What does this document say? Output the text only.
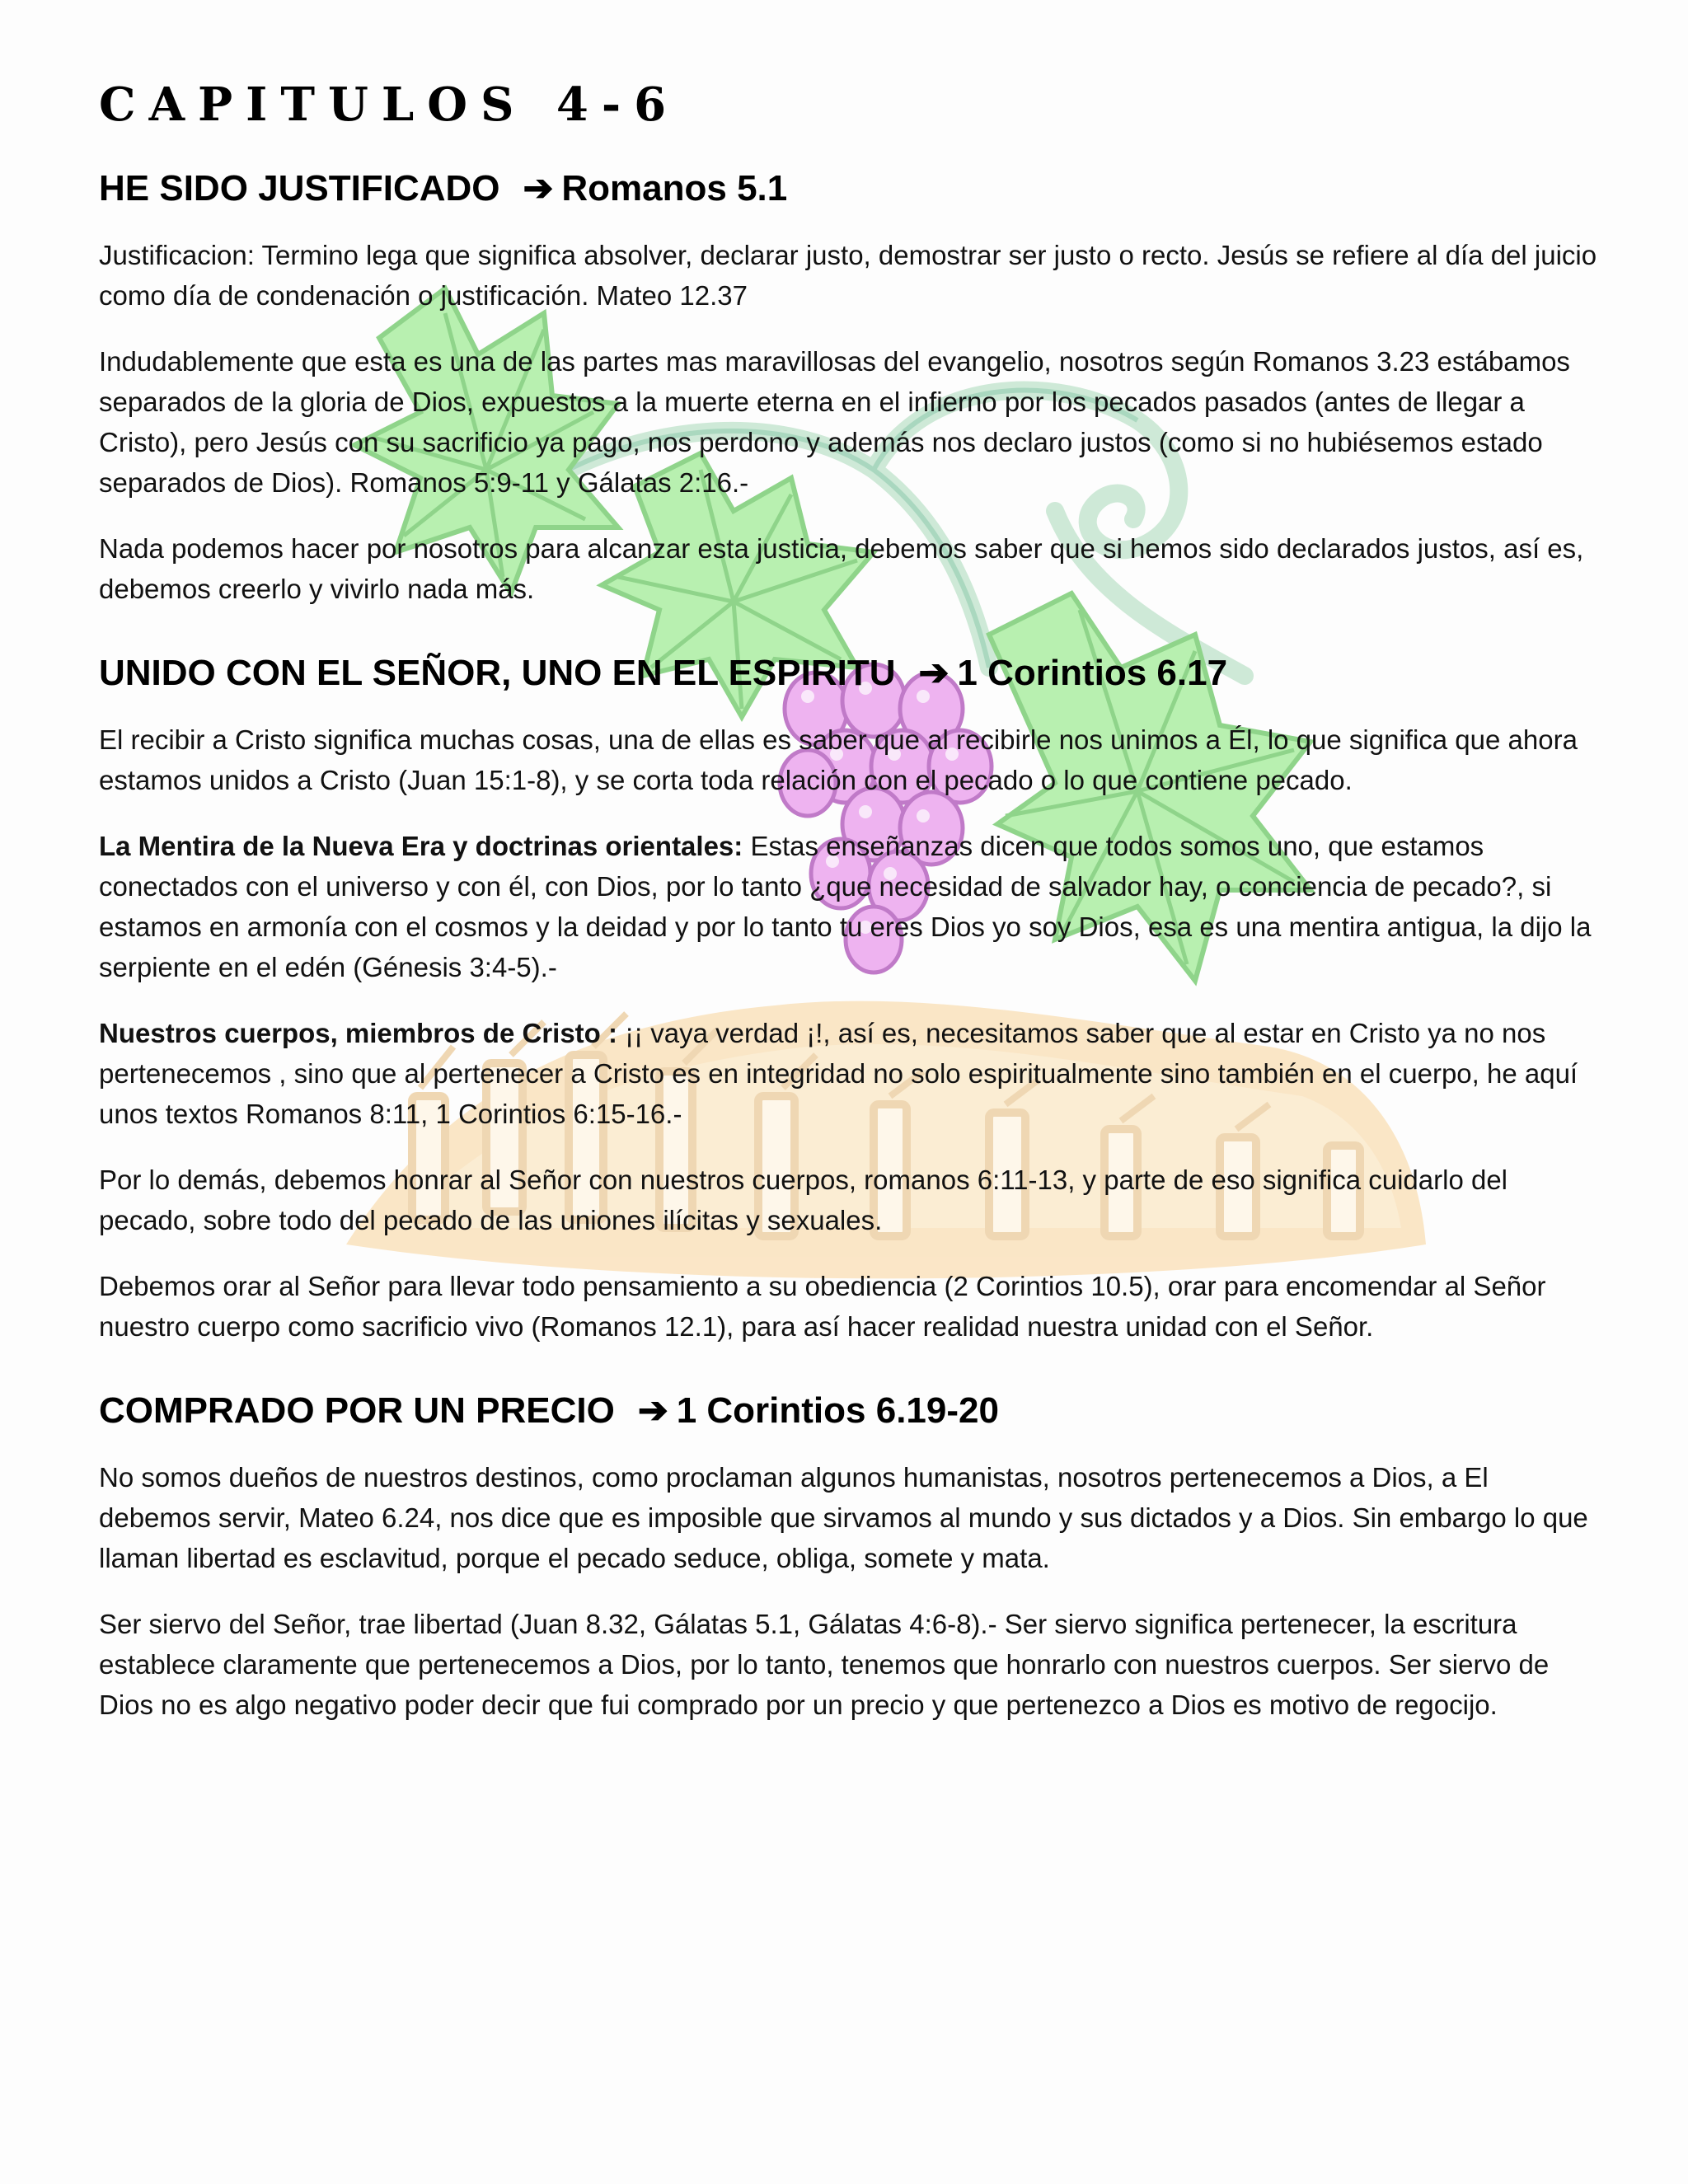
CAPITULOS 4-6
HE SIDO JUSTIFICADO ➔ Romanos 5.1

Justificacion: Termino lega que significa absolver, declarar justo, demostrar ser justo o recto. Jesús se refiere al día del juicio como día de condenación o justificación. Mateo 12.37

Indudablemente que esta es una de las partes mas maravillosas del evangelio, nosotros según Romanos 3.23 estábamos separados de la gloria de Dios, expuestos a la muerte eterna en el infierno por los pecados pasados (antes de llegar a Cristo), pero Jesús con su sacrificio ya pago, nos perdono y además nos declaro justos (como si no hubiésemos estado separados de Dios). Romanos 5:9-11 y Gálatas 2:16.-

Nada podemos hacer por nosotros para alcanzar esta justicia, debemos saber que si hemos sido declarados justos, así es, debemos creerlo y vivirlo nada más.

UNIDO CON EL SEÑOR, UNO EN EL ESPIRITU ➔ 1 Corintios 6.17

El recibir a Cristo significa muchas cosas, una de ellas es saber que al recibirle nos unimos a Él, lo que significa que ahora estamos unidos a Cristo (Juan 15:1-8), y se corta toda relación con el pecado o lo que contiene pecado.

La Mentira de la Nueva Era y doctrinas orientales: Estas enseñanzas dicen que todos somos uno, que estamos conectados con el universo y con él, con Dios, por lo tanto ¿que necesidad de salvador hay, o conciencia de pecado?, si estamos en armonía con el cosmos y la deidad y por lo tanto tu eres Dios yo soy Dios, esa es una mentira antigua, la dijo la serpiente en el edén (Génesis 3:4-5).-

Nuestros cuerpos, miembros de Cristo : ¡¡ vaya verdad ¡!, así es, necesitamos saber que al estar en Cristo ya no nos pertenecemos , sino que al pertenecer a Cristo es en integridad no solo espiritualmente sino también en el cuerpo, he aquí unos textos Romanos 8:11, 1 Corintios 6:15-16.-

Por lo demás, debemos honrar al Señor con nuestros cuerpos, romanos 6:11-13, y parte de eso significa cuidarlo del pecado, sobre todo del pecado de las uniones ilícitas y sexuales.

Debemos orar al Señor para llevar todo pensamiento a su obediencia (2 Corintios 10.5), orar para encomendar al Señor nuestro cuerpo como sacrificio vivo (Romanos 12.1), para así hacer realidad nuestra unidad con el Señor.

COMPRADO POR UN PRECIO ➔ 1 Corintios 6.19-20

No somos dueños de nuestros destinos, como proclaman algunos humanistas, nosotros pertenecemos a Dios, a El debemos servir, Mateo 6.24, nos dice que es imposible que sirvamos al mundo y sus dictados y a Dios. Sin embargo lo que llaman libertad es esclavitud, porque el pecado seduce, obliga, somete y mata.

Ser siervo del Señor, trae libertad (Juan 8.32, Gálatas 5.1, Gálatas 4:6-8).- Ser siervo significa pertenecer, la escritura establece claramente que pertenecemos a Dios, por lo tanto, tenemos que honrarlo con nuestros cuerpos. Ser siervo de Dios no es algo negativo poder decir que fui comprado por un precio y que pertenezco a Dios es motivo de regocijo.
